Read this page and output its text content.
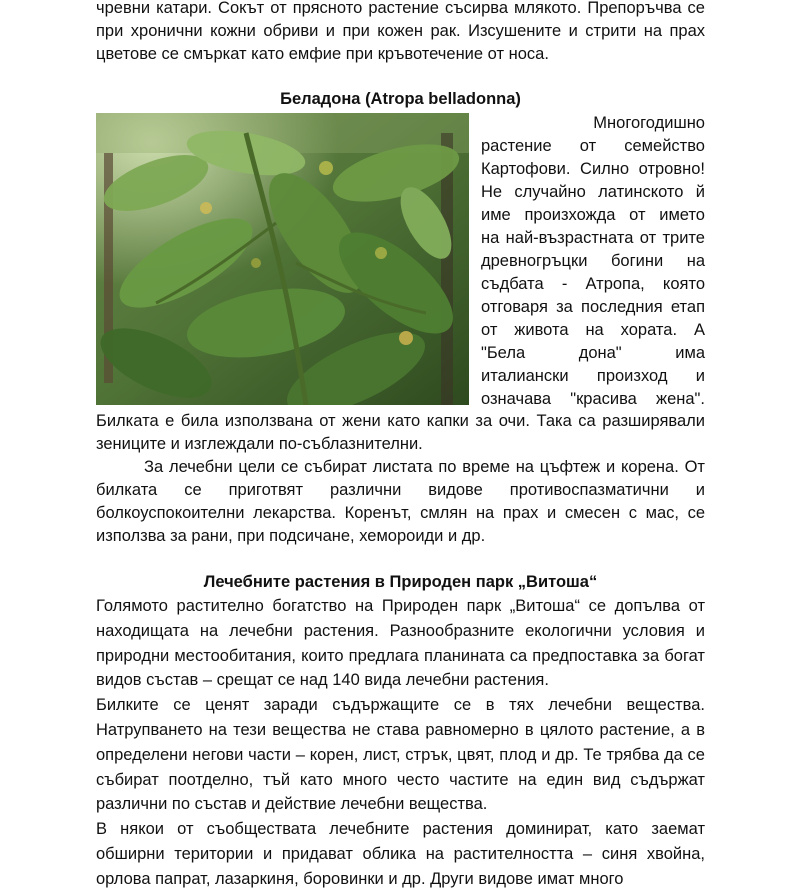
чревни катари. Сокът от прясното растение съсирва млякото. Препоръчва се

при хронични кожни обриви и при кожен рак. Изсушените и стрити на прах

цветове се смъркат като емфие при кръвотечение от носа.

Беладона (Atropa belladonna)

Многогодишно

растение от семейство

Картофови. Силно отровно!

Не случайно латинското й

име произхожда от името

на най-възрастната от трите

древногръцки богини на

съдбата - Атропа, която

отговаря за последния етап

от живота на хората. А

"Бела дона" има

италиански произход и

означава "красива жена".

Билката е била използвана от жени като капки за очи. Така са разширявали зениците и изглеждали по-съблазнителни.

За лечебни цели се събират листата по време на цъфтеж и корена. От билката се приготвят различни видове противоспазматични и болкоуспокоителни лекарства. Коренът, смлян на прах и смесен с мас, се използва за рани, при подсичане, хемороиди и др.

Лечебните растения в Природен парк „Витоша“

Голямото растително богатство на Природен парк „Витоша“ се допълва от находищата на лечебни растения. Разнообразните екологични условия и природни местообитания, които предлага планината са предпоставка за богат видов състав – срещат се над 140 вида лечебни растения.

Билките се ценят заради съдържащите се в тях лечебни вещества. Натрупването на тези вещества не става равномерно в цялото растение, а в определени негови части – корен, лист, стрък, цвят, плод и др. Те трябва да се събират поотделно, тъй като много често частите на един вид съдържат различни по състав и действие лечебни вещества.

В някои от съобществата лечебните растения доминират, като заемат обширни територии и придават облика на растителността – синя хвойна, орлова папрат, лазаркиня, боровинки и др. Други видове имат много
